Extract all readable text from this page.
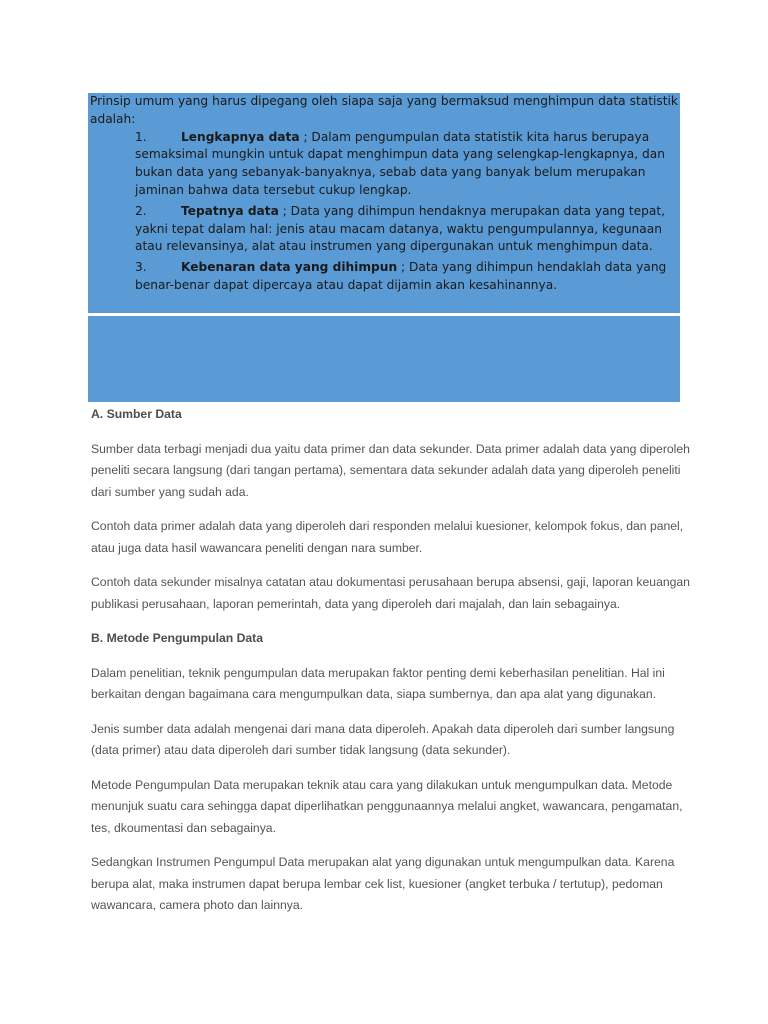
Prinsip umum yang harus dipegang oleh siapa saja yang bermaksud menghimpun data statistik adalah:

1.	Lengkapnya data ; Dalam pengumpulan data statistik kita harus berupaya semaksimal mungkin untuk dapat menghimpun data yang selengkap-lengkapnya, dan bukan data yang sebanyak-banyaknya, sebab data yang banyak belum merupakan jaminan bahwa data tersebut cukup lengkap.
2.	Tepatnya data ; Data yang dihimpun hendaknya merupakan data yang tepat, yakni tepat dalam hal: jenis atau macam datanya, waktu pengumpulannya, kegunaan atau relevansinya, alat atau instrumen yang dipergunakan untuk menghimpun data.
3.	Kebenaran data yang dihimpun ; Data yang dihimpun hendaklah data yang benar-benar dapat dipercaya atau dapat dijamin akan kesahinannya.

A. Sumber Data

Sumber data terbagi menjadi dua yaitu data primer dan data sekunder. Data primer adalah data yang diperoleh peneliti secara langsung (dari tangan pertama), sementara data sekunder adalah data yang diperoleh peneliti dari sumber yang sudah ada.

Contoh data primer adalah data yang diperoleh dari responden melalui kuesioner, kelompok fokus, dan panel, atau juga data hasil wawancara peneliti dengan nara sumber.

Contoh data sekunder misalnya catatan atau dokumentasi perusahaan berupa absensi, gaji, laporan keuangan publikasi perusahaan, laporan pemerintah, data yang diperoleh dari majalah, dan lain sebagainya.

B. Metode Pengumpulan Data

Dalam penelitian, teknik pengumpulan data merupakan faktor penting demi keberhasilan penelitian. Hal ini berkaitan dengan bagaimana cara mengumpulkan data, siapa sumbernya, dan apa alat yang digunakan.

Jenis sumber data adalah mengenai dari mana data diperoleh. Apakah data diperoleh dari sumber langsung (data primer) atau data diperoleh dari sumber tidak langsung (data sekunder).

Metode Pengumpulan Data merupakan teknik atau cara yang dilakukan untuk mengumpulkan data. Metode menunjuk suatu cara sehingga dapat diperlihatkan penggunaannya melalui angket, wawancara, pengamatan, tes, dkoumentasi dan sebagainya.

Sedangkan Instrumen Pengumpul Data merupakan alat yang digunakan untuk mengumpulkan data. Karena berupa alat, maka instrumen dapat berupa lembar cek list, kuesioner (angket terbuka / tertutup), pedoman wawancara, camera photo dan lainnya.
